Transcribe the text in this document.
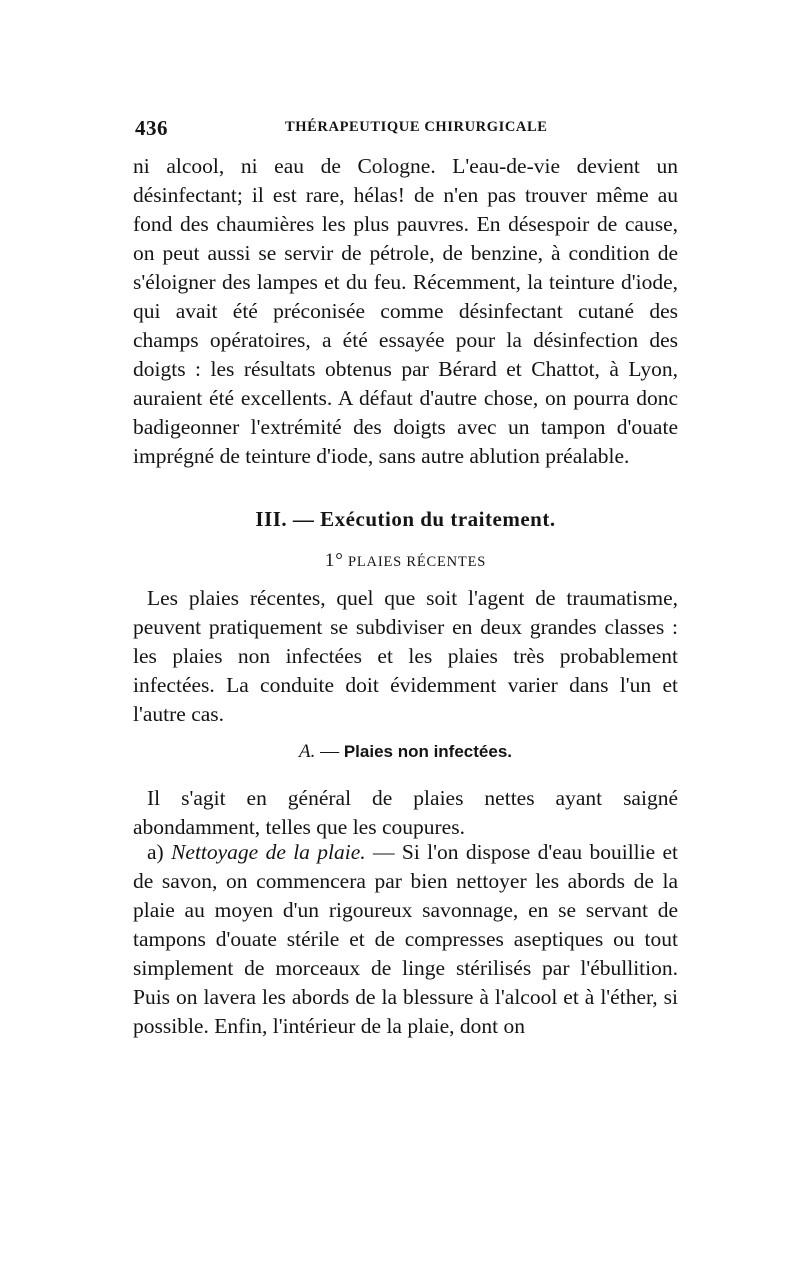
436	THÉRAPEUTIQUE CHIRURGICALE

ni alcool, ni eau de Cologne. L'eau-de-vie devient un désinfectant; il est rare, hélas! de n'en pas trouver même au fond des chaumières les plus pauvres. En désespoir de cause, on peut aussi se servir de pétrole, de benzine, à condition de s'éloigner des lampes et du feu. Récemment, la teinture d'iode, qui avait été préconisée comme désinfectant cutané des champs opératoires, a été essayée pour la désinfection des doigts : les résultats obtenus par Bérard et Chattot, à Lyon, auraient été excellents. A défaut d'autre chose, on pourra donc badigeonner l'extrémité des doigts avec un tampon d'ouate imprégné de teinture d'iode, sans autre ablution préalable.

III. — Exécution du traitement.
1° PLAIES RÉCENTES

Les plaies récentes, quel que soit l'agent de traumatisme, peuvent pratiquement se subdiviser en deux grandes classes : les plaies non infectées et les plaies très probablement infectées. La conduite doit évidemment varier dans l'un et l'autre cas.

A. — Plaies non infectées.

Il s'agit en général de plaies nettes ayant saigné abondamment, telles que les coupures.

a) Nettoyage de la plaie. — Si l'on dispose d'eau bouillie et de savon, on commencera par bien nettoyer les abords de la plaie au moyen d'un rigoureux savonnage, en se servant de tampons d'ouate stérile et de compresses aseptiques ou tout simplement de morceaux de linge stérilisés par l'ébullition. Puis on lavera les abords de la blessure à l'alcool et à l'éther, si possible. Enfin, l'intérieur de la plaie, dont on
